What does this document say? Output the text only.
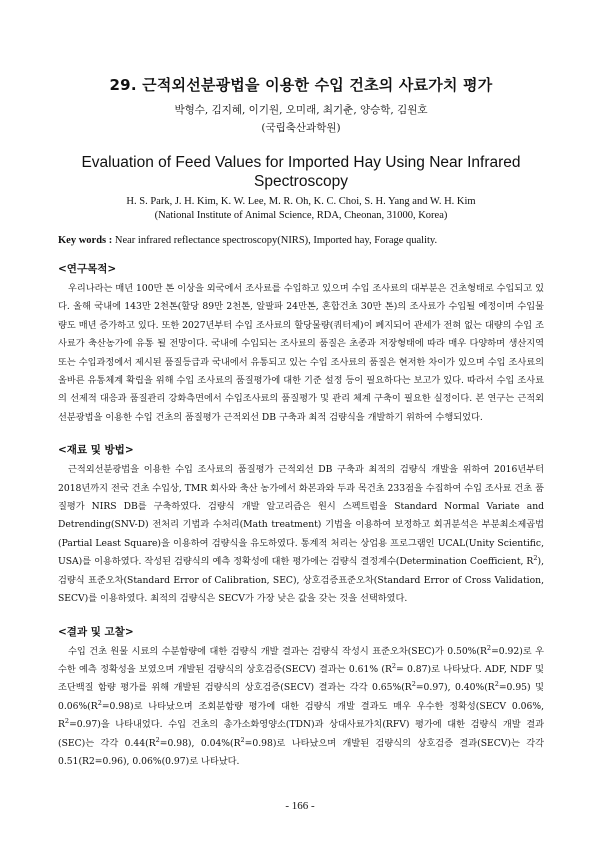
29. 근적외선분광법을 이용한 수입 건초의 사료가치 평가
박형수, 김지혜, 이기원, 오미래, 최기춘, 양승학, 김원호
(국립축산과학원)
Evaluation of Feed Values for Imported Hay Using Near Infrared Spectroscopy
H. S. Park, J. H. Kim, K. W. Lee, M. R. Oh, K. C. Choi, S. H. Yang and W. H. Kim
(National Institute of Animal Science, RDA, Cheonan, 31000, Korea)
Key words : Near infrared reflectance spectroscopy(NIRS), Imported hay, Forage quality.
<연구목적>

우리나라는 매년 100만 톤 이상을 외국에서 조사료를 수입하고 있으며 수입 조사료의 대부분은 건초형태로 수입되고 있다. 올해 국내에 143만 2천톤(할당 89만 2천톤, 알팔파 24만톤, 혼합건초 30만 톤)의 조사료가 수입될 예정이며 수입물량도 매년 증가하고 있다. 또한 2027년부터 수입 조사료의 할당물량(쿼터제)이 폐지되어 관세가 전혀 없는 대량의 수입 조사료가 축산농가에 유통 될 전망이다. 국내에 수입되는 조사료의 품질은 초종과 저장형태에 따라 매우 다양하며 생산지역 또는 수입과정에서 제시된 품질등급과 국내에서 유통되고 있는 수입 조사료의 품질은 현저한 차이가 있으며 수입 조사료의 올바른 유통체계 확립을 위해 수입 조사료의 품질평가에 대한 기준 설정 등이 필요하다는 보고가 있다. 따라서 수입 조사료의 선제적 대응과 품질관리 강화측면에서 수입조사료의 품질평가 및 관리 체계 구축이 필요한 실정이다. 본 연구는 근적외선분광법을 이용한 수입 건초의 품질평가 근적외선 DB 구축과 최적 검량식을 개발하기 위하여 수행되었다.

<재료 및 방법>

근적외선분광법을 이용한 수입 조사료의 품질평가 근적외선 DB 구축과 최적의 검량식 개발을 위하여 2016년부터 2018년까지 전국 건초 수입상, TMR 회사와 축산 농가에서 화본과와 두과 목건초 233점을 수집하여 수입 조사료 건초 품질평가 NIRS DB를 구축하였다. 검량식 개발 알고리즘은 원시 스펙트럼을 Standard Normal Variate and Detrending(SNV-D) 전처리 기법과 수처리(Math treatment) 기법을 이용하여 보정하고 회귀분석은 부분최소제곱법(Partial Least Square)을 이용하여 검량식을 유도하였다. 통계적 처리는 상업용 프로그램인 UCAL(Unity Scientific, USA)를 이용하였다. 작성된 검량식의 예측 정확성에 대한 평가에는 검량식 결정계수(Determination Coefficient, $R^2$), 검량식 표준오차(Standard Error of Calibration, SEC), 상호검증표준오차(Standard Error of Cross Validation, SECV)를 이용하였다. 최적의 검량식은 SECV가 가장 낮은 값을 갖는 것을 선택하였다.

<결과 및 고찰>

수입 건초 원물 시료의 수분함량에 대한 검량식 개발 결과는 검량식 작성시 표준오차(SEC)가 $0.50\%(R^2=0.92)$로 우수한 예측 정확성을 보였으며 개발된 검량식의 상호검증(SECV) 결과는 0.61% $(R^2= 0.87)$로 나타났다. ADF, NDF 및 조단백질 함량 평가를 위해 개발된 검량식의 상호검증(SECV) 결과는 각각 $0.65\%(R^2=0.97)$, $0.40\%(R^2=0.95)$ 및 $0.06\%(R^2=0.98)$로 나타났으며 조회분함량 평가에 대한 검량식 개발 결과도 매우 우수한 정확성(SECV 0.06%, $R^2=0.97$)을 나타내었다. 수입 건초의 총가소화영양소(TDN)과 상대사료가치(RFV) 평가에 대한 검량식 개발 결과(SEC)는 각각 $0.44(R^2=0.98)$, $0.04\%(R^2=0.98)$로 나타났으며 개발된 검량식의 상호검증 결과(SECV)는 각각 0.51(R2=0.96), 0.06%(0.97)로 나타났다.

- 166 -
